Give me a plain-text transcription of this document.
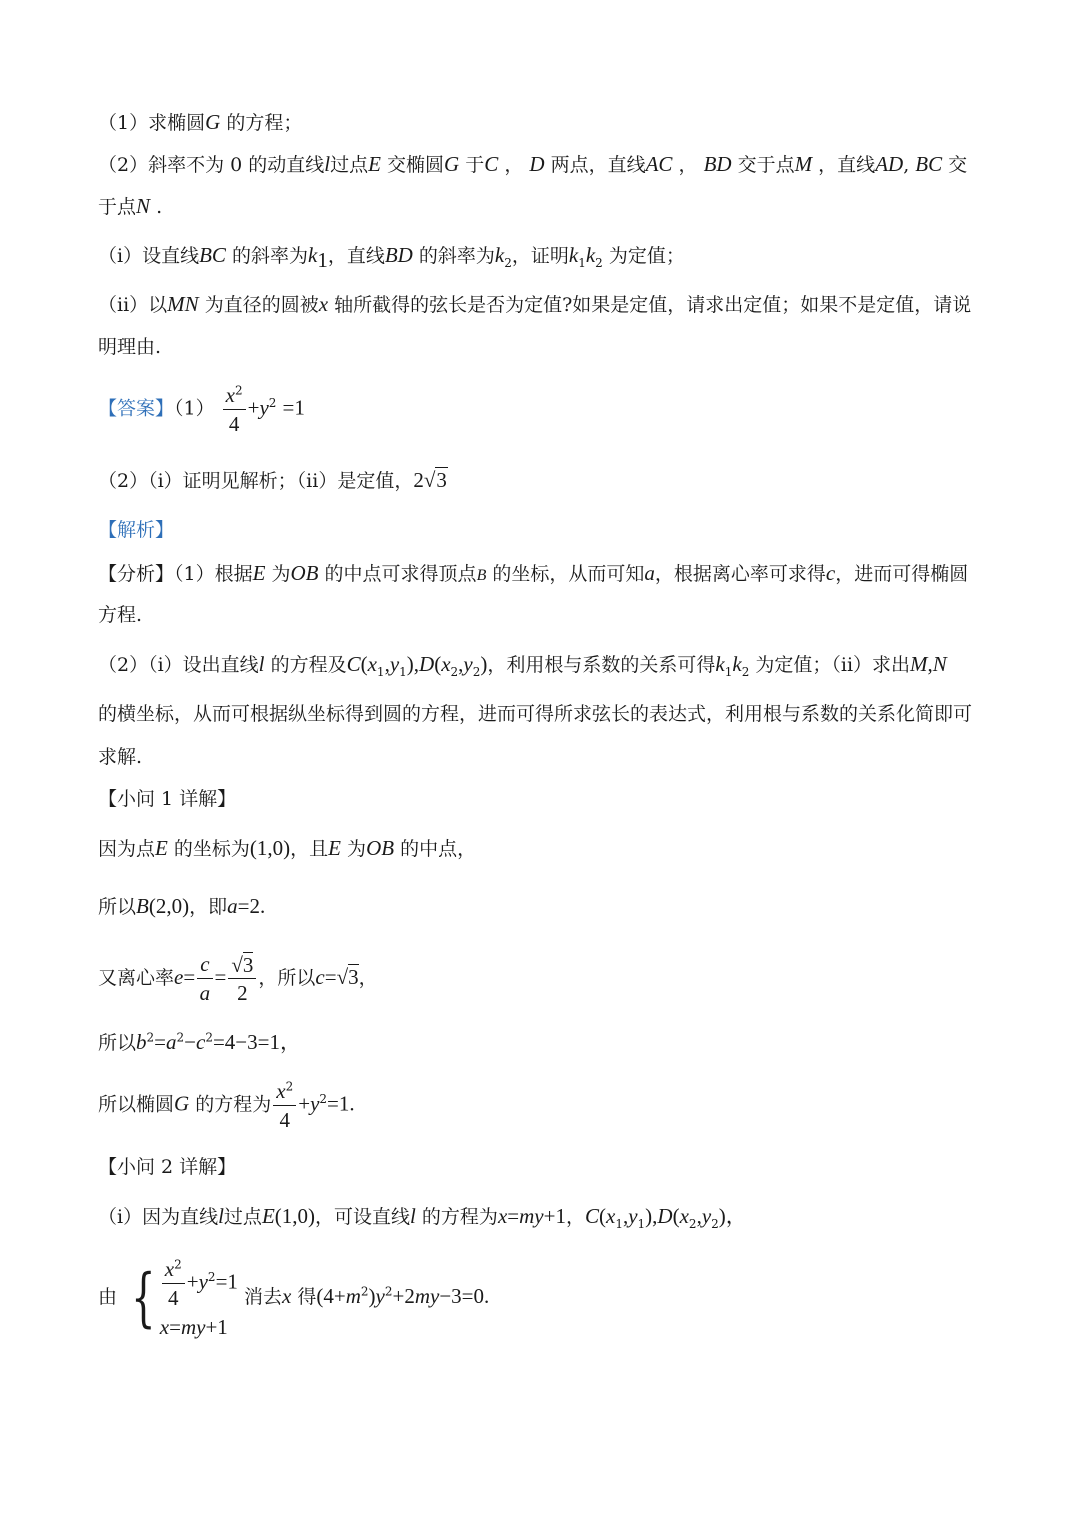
（1）求椭圆G 的方程；
（2）斜率不为 0 的动直线l过点E 交椭圆G 于C ， D 两点，直线AC ， BD 交于点M ，直线AD, BC 交
于点N .
（i）设直线BC 的斜率为$k_1$，直线BD 的斜率为$k_2$，证明$k_1k_2$ 为定值；
（ii）以MN 为直径的圆被x 轴所截得的弦长是否为定值?如果是定值，请求出定值；如果不是定值，请说
明理由.
【答案】$(1) \frac{x^2}{4} +y^2 =1$
（2）（i）证明见解析；（ii）是定值，2√3
【解析】
【分析】（1）根据E 为OB 的中点可求得顶点B 的坐标，从而可知a，根据离心率可求得c，进而可得椭圆
方程.
（2）（i）设出直线l 的方程及$C(x_1,y_1),D(x_2,y_2)$，利用根与系数的关系可得$k_1k_2$ 为定值；（ii）求出M,N
的横坐标，从而可根据纵坐标得到圆的方程，进而可得所求弦长的表达式，利用根与系数的关系化简即可
求解.
【小问 1 详解】
因为点E 的坐标为(1,0)，且E 为OB 的中点，
所以B(2,0)，即a=2.
又离心率$e= \frac{c}{a} = \frac{√3}{2}$ ，所以c=√3，
所以$b^2=a^2-c^2=4-3=1$，
所以椭圆G 的方程为 $\frac{x^2}{4} +y^2=1$.
【小问 2 详解】
（i）因为直线l过点E(1,0)，可设直线l 的方程为x=my+1，$C(x_1,y_1),D(x_2,y_2)$，
由 { $\frac{x^2}{4} +y^2=1$
x=my+1
消去x 得$(4+m^2)y^2+2my-3=0$.
